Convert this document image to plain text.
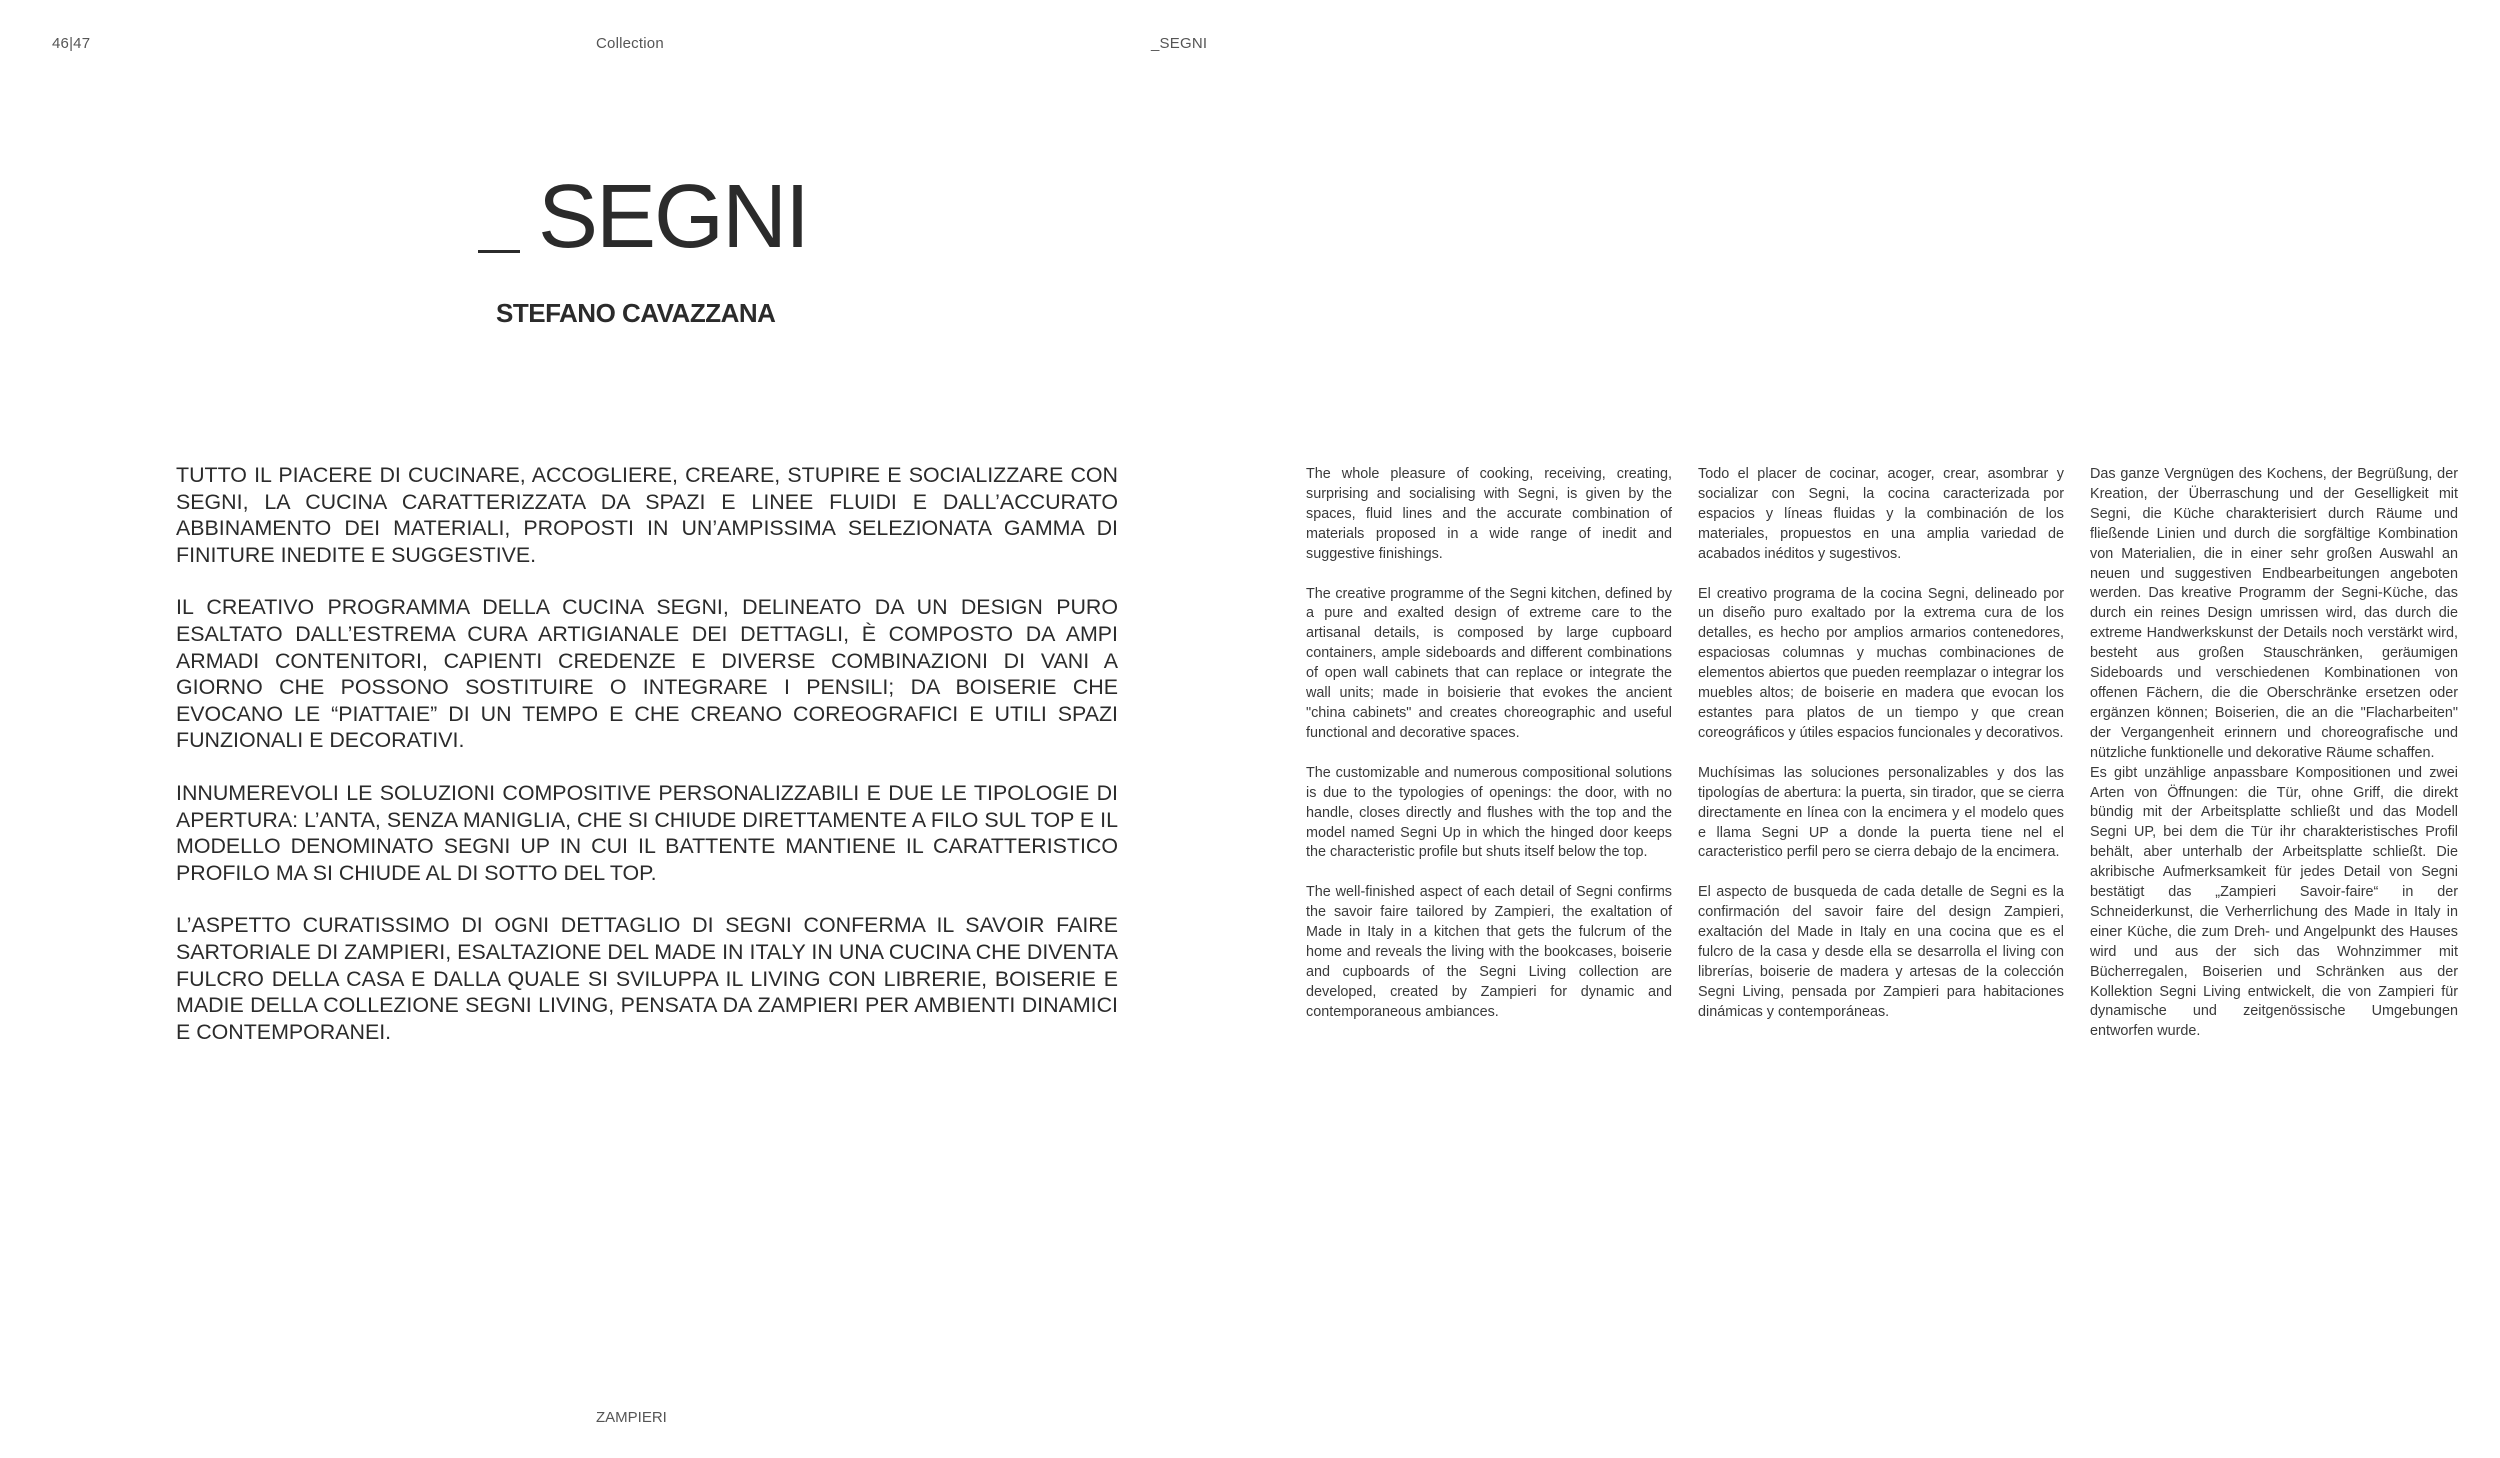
46|47	Collection	_SEGNI
SEGNI
STEFANO CAVAZZANA

TUTTO IL PIACERE DI CUCINARE, ACCOGLIERE, CREARE, STUPIRE E SOCIALIZZARE CON SEGNI, LA CUCINA CARATTERIZZATA DA SPAZI E LINEE FLUIDI E DALL’ACCURATO ABBINAMENTO DEI MATERIALI, PROPOSTI IN UN’AMPISSIMA SELEZIONATA GAMMA DI FINITURE INEDITE E SUGGESTIVE.

IL CREATIVO PROGRAMMA DELLA CUCINA SEGNI, DELINEATO DA UN DESIGN PURO ESALTATO DALL’ESTREMA CURA ARTIGIANALE DEI DETTAGLI, È COMPOSTO DA AMPI ARMADI CONTENITORI, CAPIENTI CREDENZE E DIVERSE COMBINAZIONI DI VANI A GIORNO CHE POSSONO SOSTITUIRE O INTEGRARE I PENSILI; DA BOISERIE CHE EVOCANO LE “PIATTAIE” DI UN TEMPO E CHE CREANO COREOGRAFICI E UTILI SPAZI FUNZIONALI E DECORATIVI.

INNUMEREVOLI LE SOLUZIONI COMPOSITIVE PERSONALIZZABILI E DUE LE TIPOLOGIE DI APERTURA: L’ANTA, SENZA MANIGLIA, CHE SI CHIUDE DIRETTAMENTE A FILO SUL TOP E IL MODELLO DENOMINATO SEGNI UP IN CUI IL BATTENTE MANTIENE IL CARATTERISTICO PROFILO MA SI CHIUDE AL DI SOTTO DEL TOP.

L’ASPETTO CURATISSIMO DI OGNI DETTAGLIO DI SEGNI CONFERMA IL SAVOIR FAIRE SARTORIALE DI ZAMPIERI, ESALTAZIONE DEL MADE IN ITALY IN UNA CUCINA CHE DIVENTA FULCRO DELLA CASA E DALLA QUALE SI SVILUPPA IL LIVING CON LIBRERIE, BOISERIE E MADIE DELLA COLLEZIONE SEGNI LIVING, PENSATA DA ZAMPIERI PER AMBIENTI DINAMICI E CONTEMPORANEI.

The whole pleasure of cooking, receiving, creating, surprising and socialising with Segni, is given by the spaces, fluid lines and the accurate combination of materials proposed in a wide range of inedit and suggestive finishings.

The creative programme of the Segni kitchen, defined by a pure and exalted design of extreme care to the artisanal details, is composed by large cupboard containers, ample sideboards and different combinations of open wall cabinets that can replace or integrate the wall units; made in boisierie that evokes the ancient "china cabinets" and creates choreographic and useful functional and decorative spaces.

The customizable and numerous compositional solutions is due to the typologies of openings: the door, with no handle, closes directly and flushes with the top and the model named Segni Up in which the hinged door keeps the characteristic profile but shuts itself below the top.

The well-finished aspect of each detail of Segni confirms the savoir faire tailored by Zampieri, the exaltation of Made in Italy in a kitchen that gets the fulcrum of the home and reveals the living with the bookcases, boiserie and cupboards of the Segni Living collection are developed, created by Zampieri for dynamic and contemporaneous ambiances.

Todo el placer de cocinar, acoger, crear, asombrar y socializar con Segni, la cocina caracterizada por espacios y líneas fluidas y la combinación de los materiales, propuestos en una amplia variedad de acabados inéditos y sugestivos.

El creativo programa de la cocina Segni, delineado por un diseño puro exaltado por la extrema cura de los detalles, es hecho por amplios armarios contenedores, espaciosas columnas y muchas combinaciones de elementos abiertos que pueden reemplazar o integrar los muebles altos; de boiserie en madera que evocan los estantes para platos de un tiempo y que crean coreográficos y útiles espacios funcionales y decorativos.

Muchísimas las soluciones personalizables y dos las tipologías de abertura: la puerta, sin tirador, que se cierra directamente en línea con la encimera y el modelo ques e llama Segni UP a donde la puerta tiene nel el caracteristico perfil pero se cierra debajo de la encimera.

El aspecto de busqueda de cada detalle de Segni es la confirmación del savoir faire del design Zampieri, exaltación del Made in Italy en una cocina que es el fulcro de la casa y desde ella se desarrolla el living con librerías, boiserie de madera y artesas de la colección Segni Living, pensada por Zampieri para habitaciones dinámicas y contemporáneas.

Das ganze Vergnügen des Kochens, der Begrüßung, der Kreation, der Überraschung und der Geselligkeit mit Segni, die Küche charakterisiert durch Räume und fließende Linien und durch die sorgfältige Kombination von Materialien, die in einer sehr großen Auswahl an neuen und suggestiven Endbearbeitungen angeboten werden. Das kreative Programm der Segni-Küche, das durch ein reines Design umrissen wird, das durch die extreme Handwerkskunst der Details noch verstärkt wird, besteht aus großen Stauschränken, geräumigen Sideboards und verschiedenen Kombinationen von offenen Fächern, die die Oberschränke ersetzen oder ergänzen können; Boiserien, die an die "Flacharbeiten" der Vergangenheit erinnern und choreografische und nützliche funktionelle und dekorative Räume schaffen.

Es gibt unzählige anpassbare Kompositionen und zwei Arten von Öffnungen: die Tür, ohne Griff, die direkt bündig mit der Arbeitsplatte schließt und das Modell Segni UP, bei dem die Tür ihr charakteristisches Profil behält, aber unterhalb der Arbeitsplatte schließt. Die akribische Aufmerksamkeit für jedes Detail von Segni bestätigt das „Zampieri Savoir-faire“ in der Schneiderkunst, die Verherrlichung des Made in Italy in einer Küche, die zum Dreh- und Angelpunkt des Hauses wird und aus der sich das Wohnzimmer mit Bücherregalen, Boiserien und Schränken aus der Kollektion Segni Living entwickelt, die von Zampieri für dynamische und zeitgenössische Umgebungen entworfen wurde.

ZAMPIERI
